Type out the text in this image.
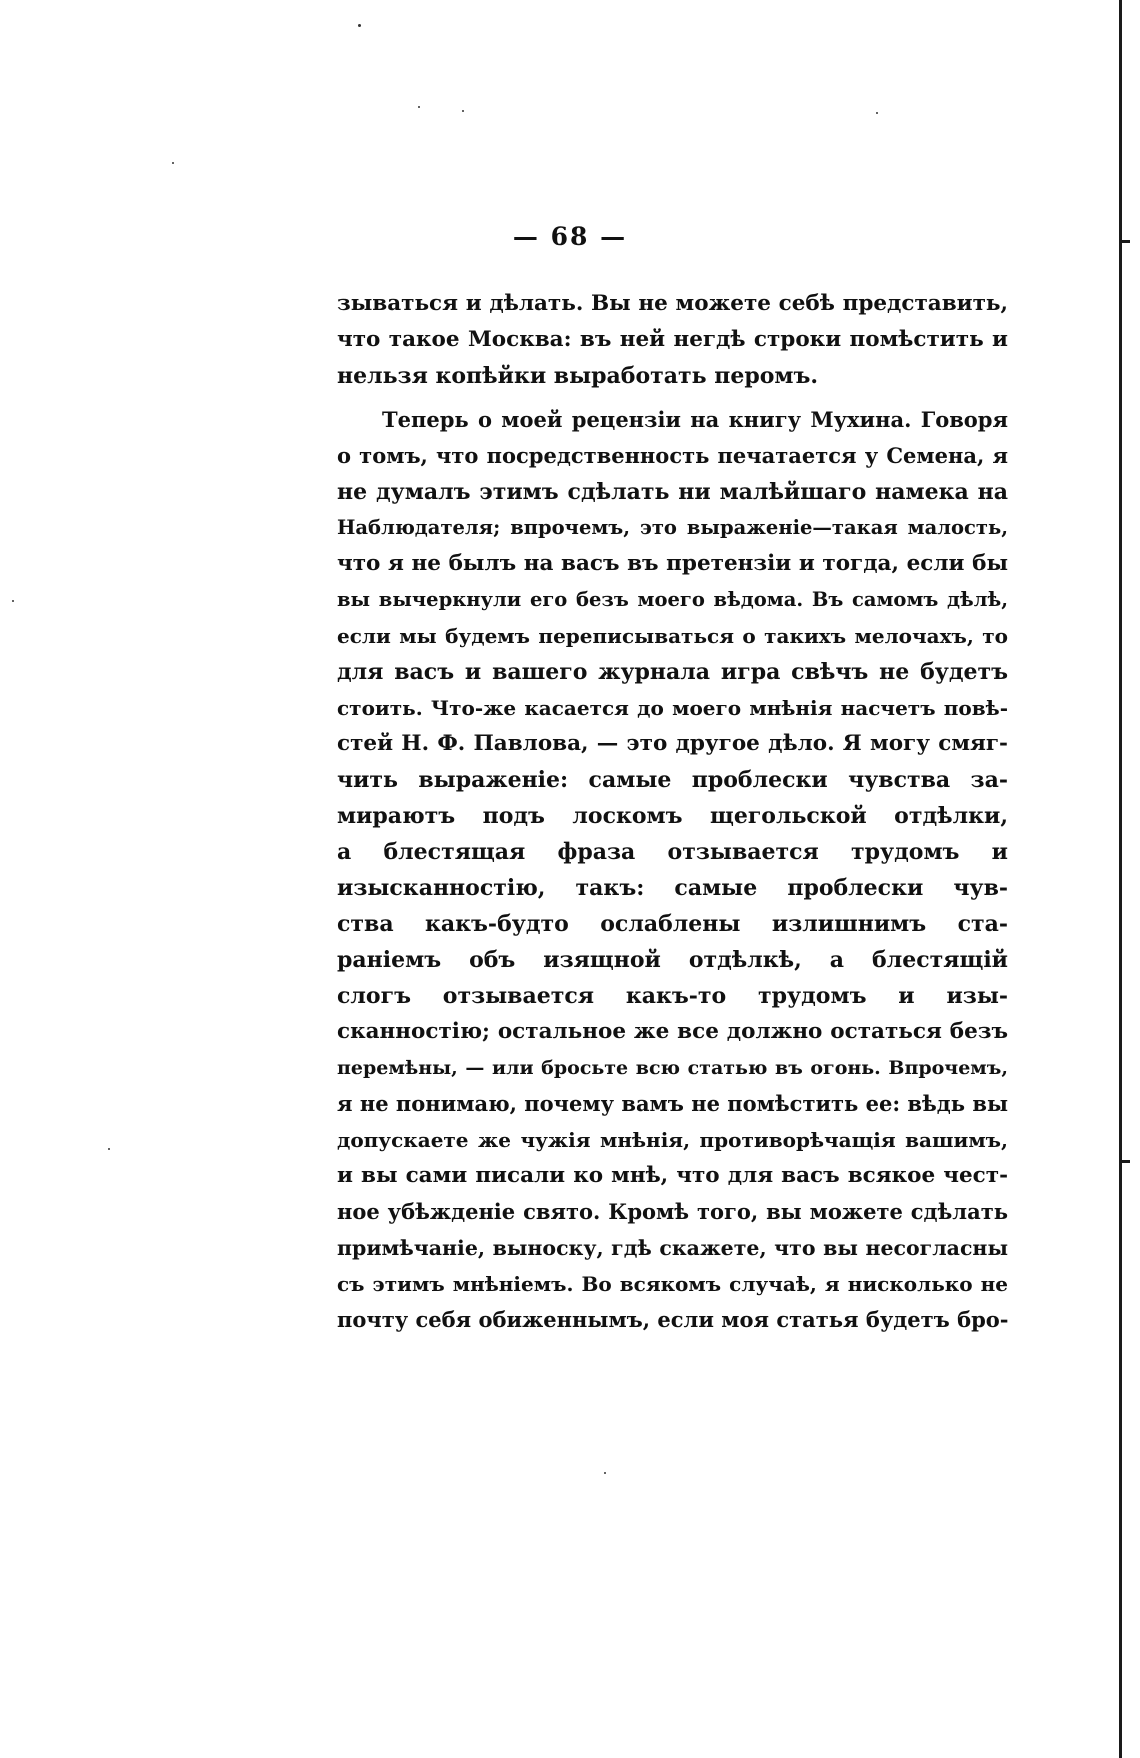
— 68 —
зываться и дѣлать. Вы не можете себѣ представить,
что такое Москва: въ ней негдѣ строки помѣстить и
нельзя копѣйки выработать перомъ.
Теперь о моей рецензіи на книгу Мухина. Говоря
о томъ, что посредственность печатается у Семена, я
не думалъ этимъ сдѣлать ни малѣйшаго намека на
Наблюдателя; впрочемъ, это выраженіе—такая малость,
что я не былъ на васъ въ претензіи и тогда, если бы
вы вычеркнули его безъ моего вѣдома. Въ самомъ дѣлѣ,
если мы будемъ переписываться о такихъ мелочахъ, то
для васъ и вашего журнала игра свѣчъ не будетъ
стоить. Что-же касается до моего мнѣнія насчетъ повѣ-
стей Н. Ф. Павлова, — это другое дѣло. Я могу смяг-
чить выраженіе: самые проблески чувства за-
мираютъ подъ лоскомъ щегольской отдѣлки,
а блестящая фраза отзывается трудомъ и
изысканностію, такъ: самые проблески чув-
ства какъ-будто ослаблены излишнимъ ста-
раніемъ объ изящной отдѣлкѣ, а блестящій
слогъ отзывается какъ-то трудомъ и изы-
сканностію; остальное же все должно остаться безъ
перемѣны, — или бросьте всю статью въ огонь. Впрочемъ,
я не понимаю, почему вамъ не помѣстить ее: вѣдь вы
допускаете же чужія мнѣнія, противорѣчащія вашимъ,
и вы сами писали ко мнѣ, что для васъ всякое чест-
ное убѣжденіе свято. Кромѣ того, вы можете сдѣлать
примѣчаніе, выноску, гдѣ скажете, что вы несогласны
съ этимъ мнѣніемъ. Во всякомъ случаѣ, я нисколько не
почту себя обиженнымъ, если моя статья будетъ бро-
